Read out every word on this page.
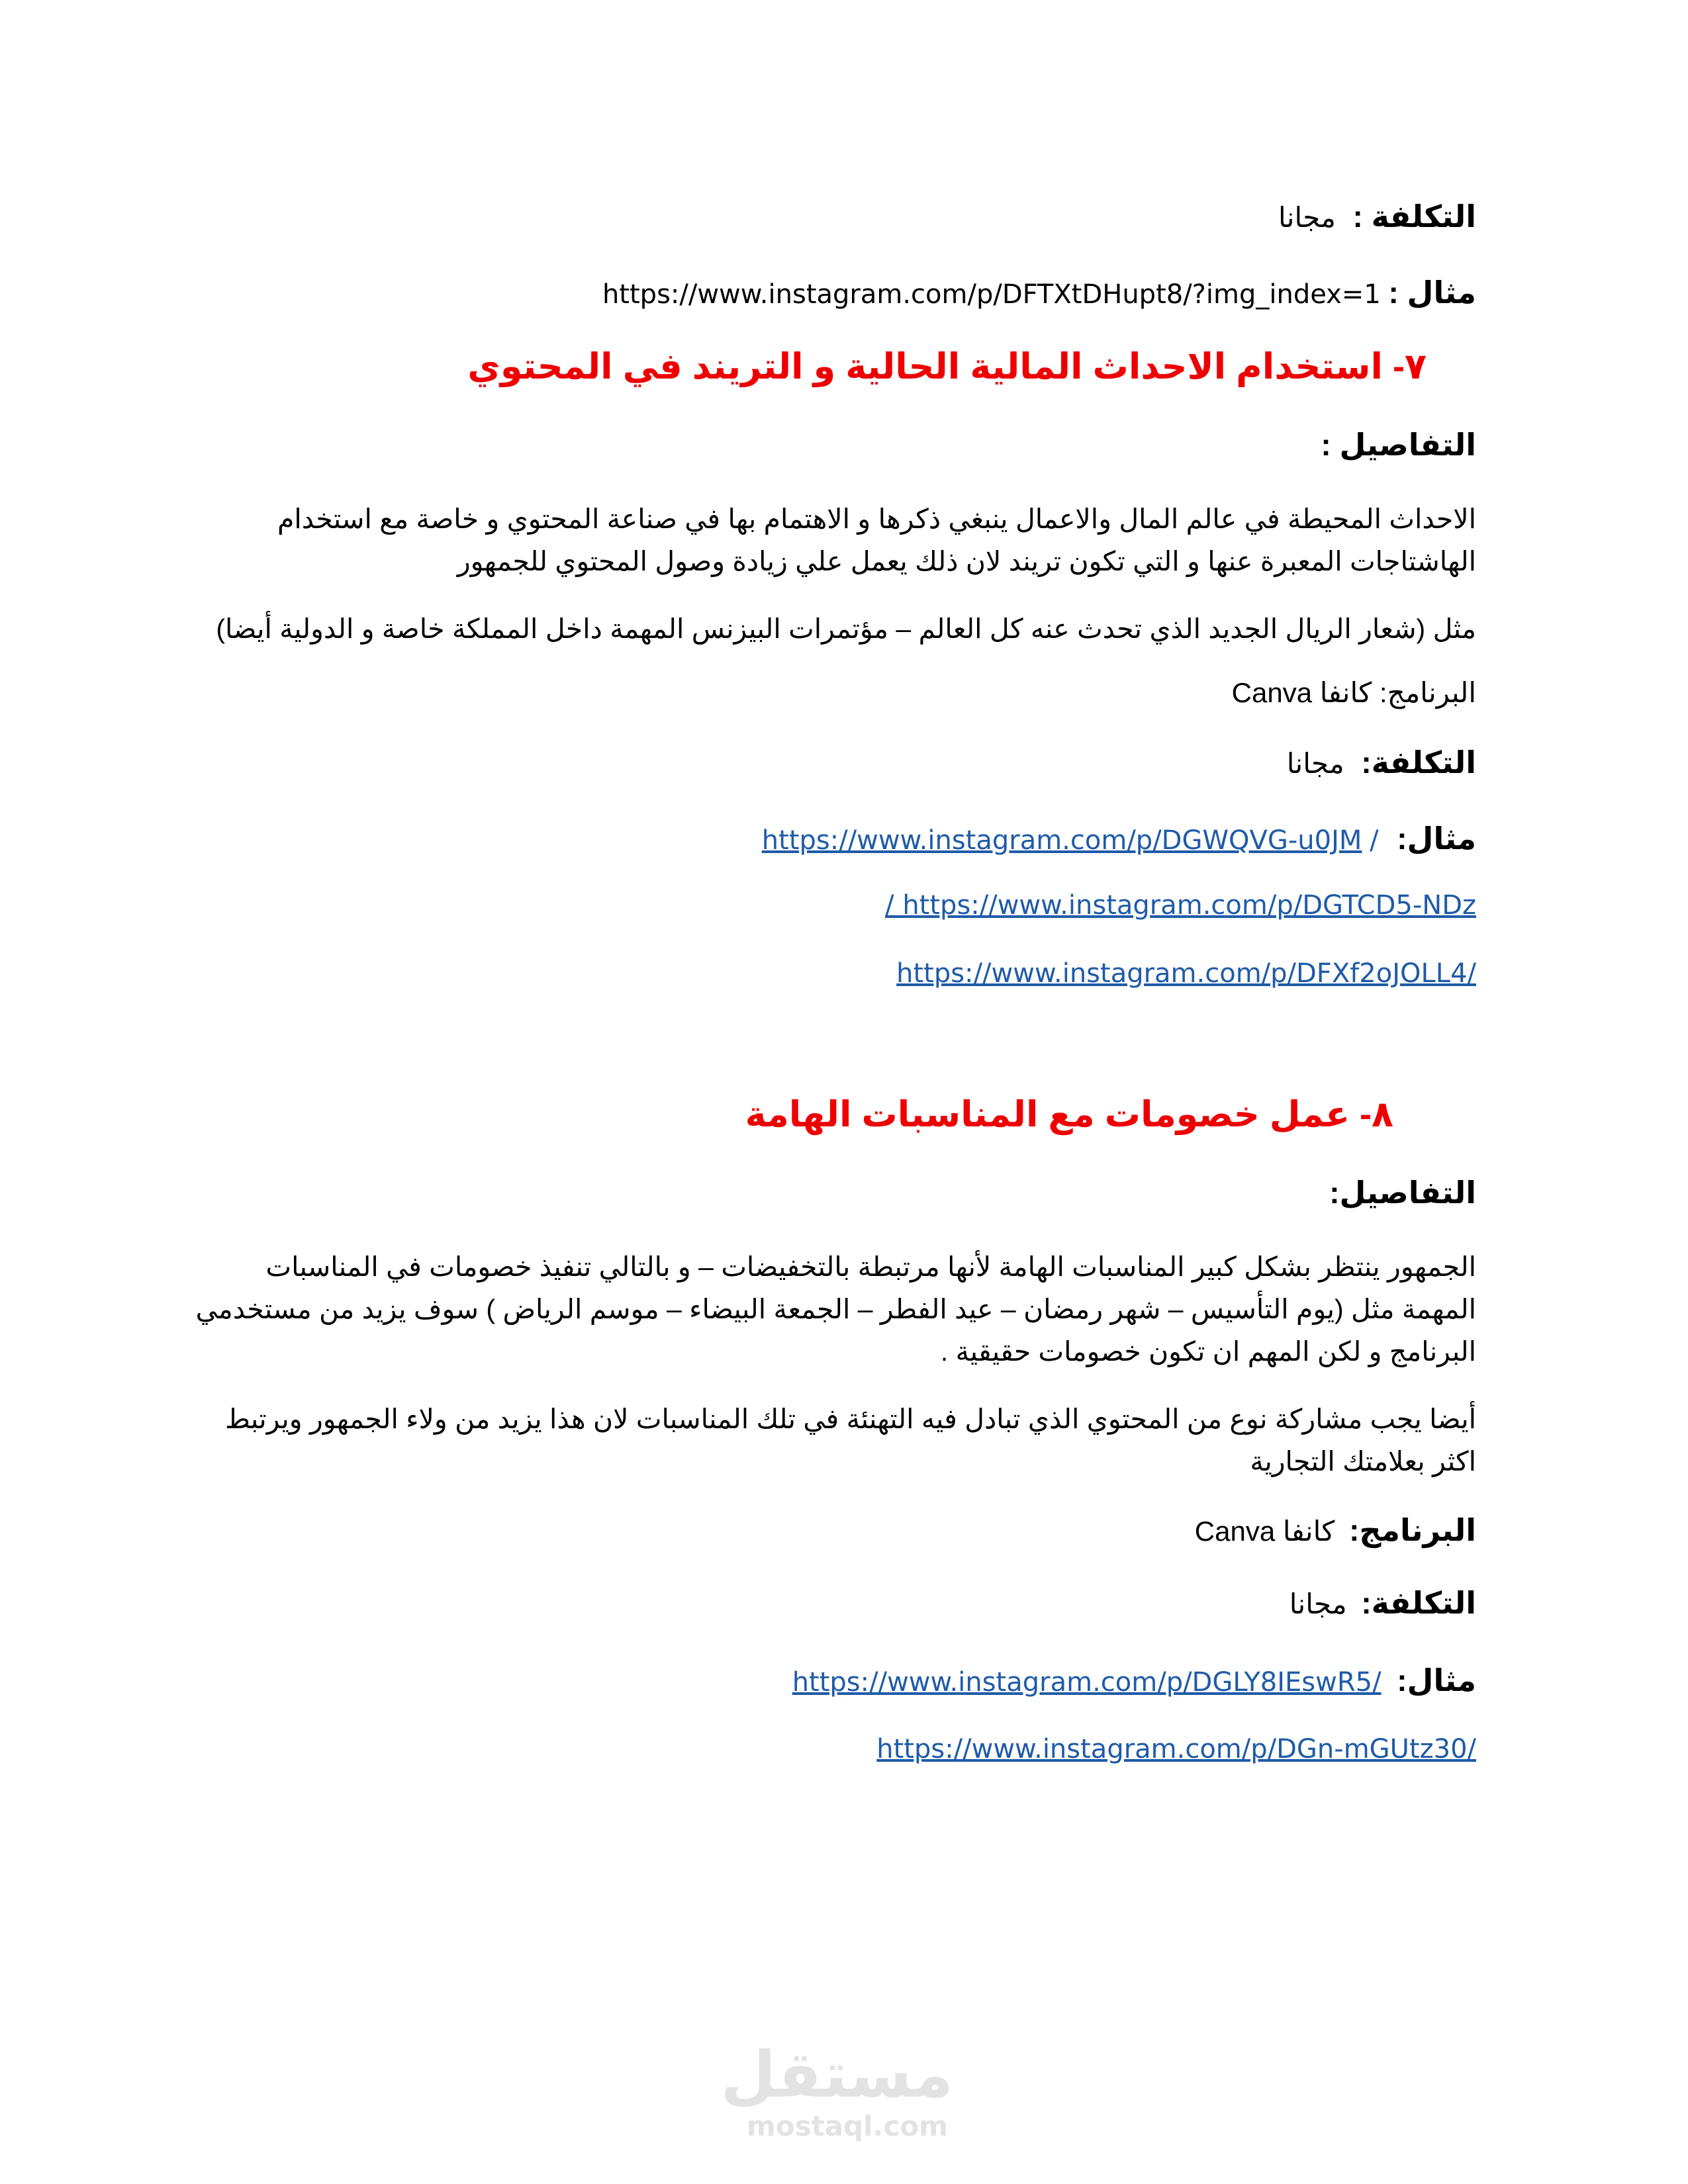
التكلفة : مجانا
مثال : https://www.instagram.com/p/DFTXtDHupt8/?img_index=1
٧- استخدام الاحداث المالية الحالية و التريند في المحتوي
التفاصيل :
الاحداث المحيطة في عالم المال والاعمال ينبغي ذكرها و الاهتمام بها في صناعة المحتوي و خاصة مع استخدام الهاشتاجات المعبرة عنها و التي تكون تريند لان ذلك يعمل علي زيادة وصول المحتوي للجمهور
مثل (شعار الريال الجديد الذي تحدث عنه كل العالم – مؤتمرات البيزنس المهمة داخل المملكة خاصة و الدولية أيضا)
البرنامج: كانفا Canva
التكلفة: مجانا
مثال: https://www.instagram.com/p/DGWQVG-u0JM /
/ https://www.instagram.com/p/DGTCD5-NDz
https://www.instagram.com/p/DFXf2oJOLL4/
٨- عمل خصومات مع المناسبات الهامة
التفاصيل:
الجمهور ينتظر بشكل كبير المناسبات الهامة لأنها مرتبطة بالتخفيضات – و بالتالي تنفيذ خصومات في المناسبات المهمة مثل (يوم التأسيس – شهر رمضان – عيد الفطر – الجمعة البيضاء – موسم الرياض ) سوف يزيد من مستخدمي البرنامج و لكن المهم ان تكون خصومات حقيقية .
أيضا يجب مشاركة نوع من المحتوي الذي تبادل فيه التهنئة في تلك المناسبات لان هذا يزيد من ولاء الجمهور ويرتبط اكثر بعلامتك التجارية
البرنامج: كانفا Canva
التكلفة: مجانا
مثال: https://www.instagram.com/p/DGLY8IEswR5/
https://www.instagram.com/p/DGn-mGUtz30/
مستقل
mostaql.com
